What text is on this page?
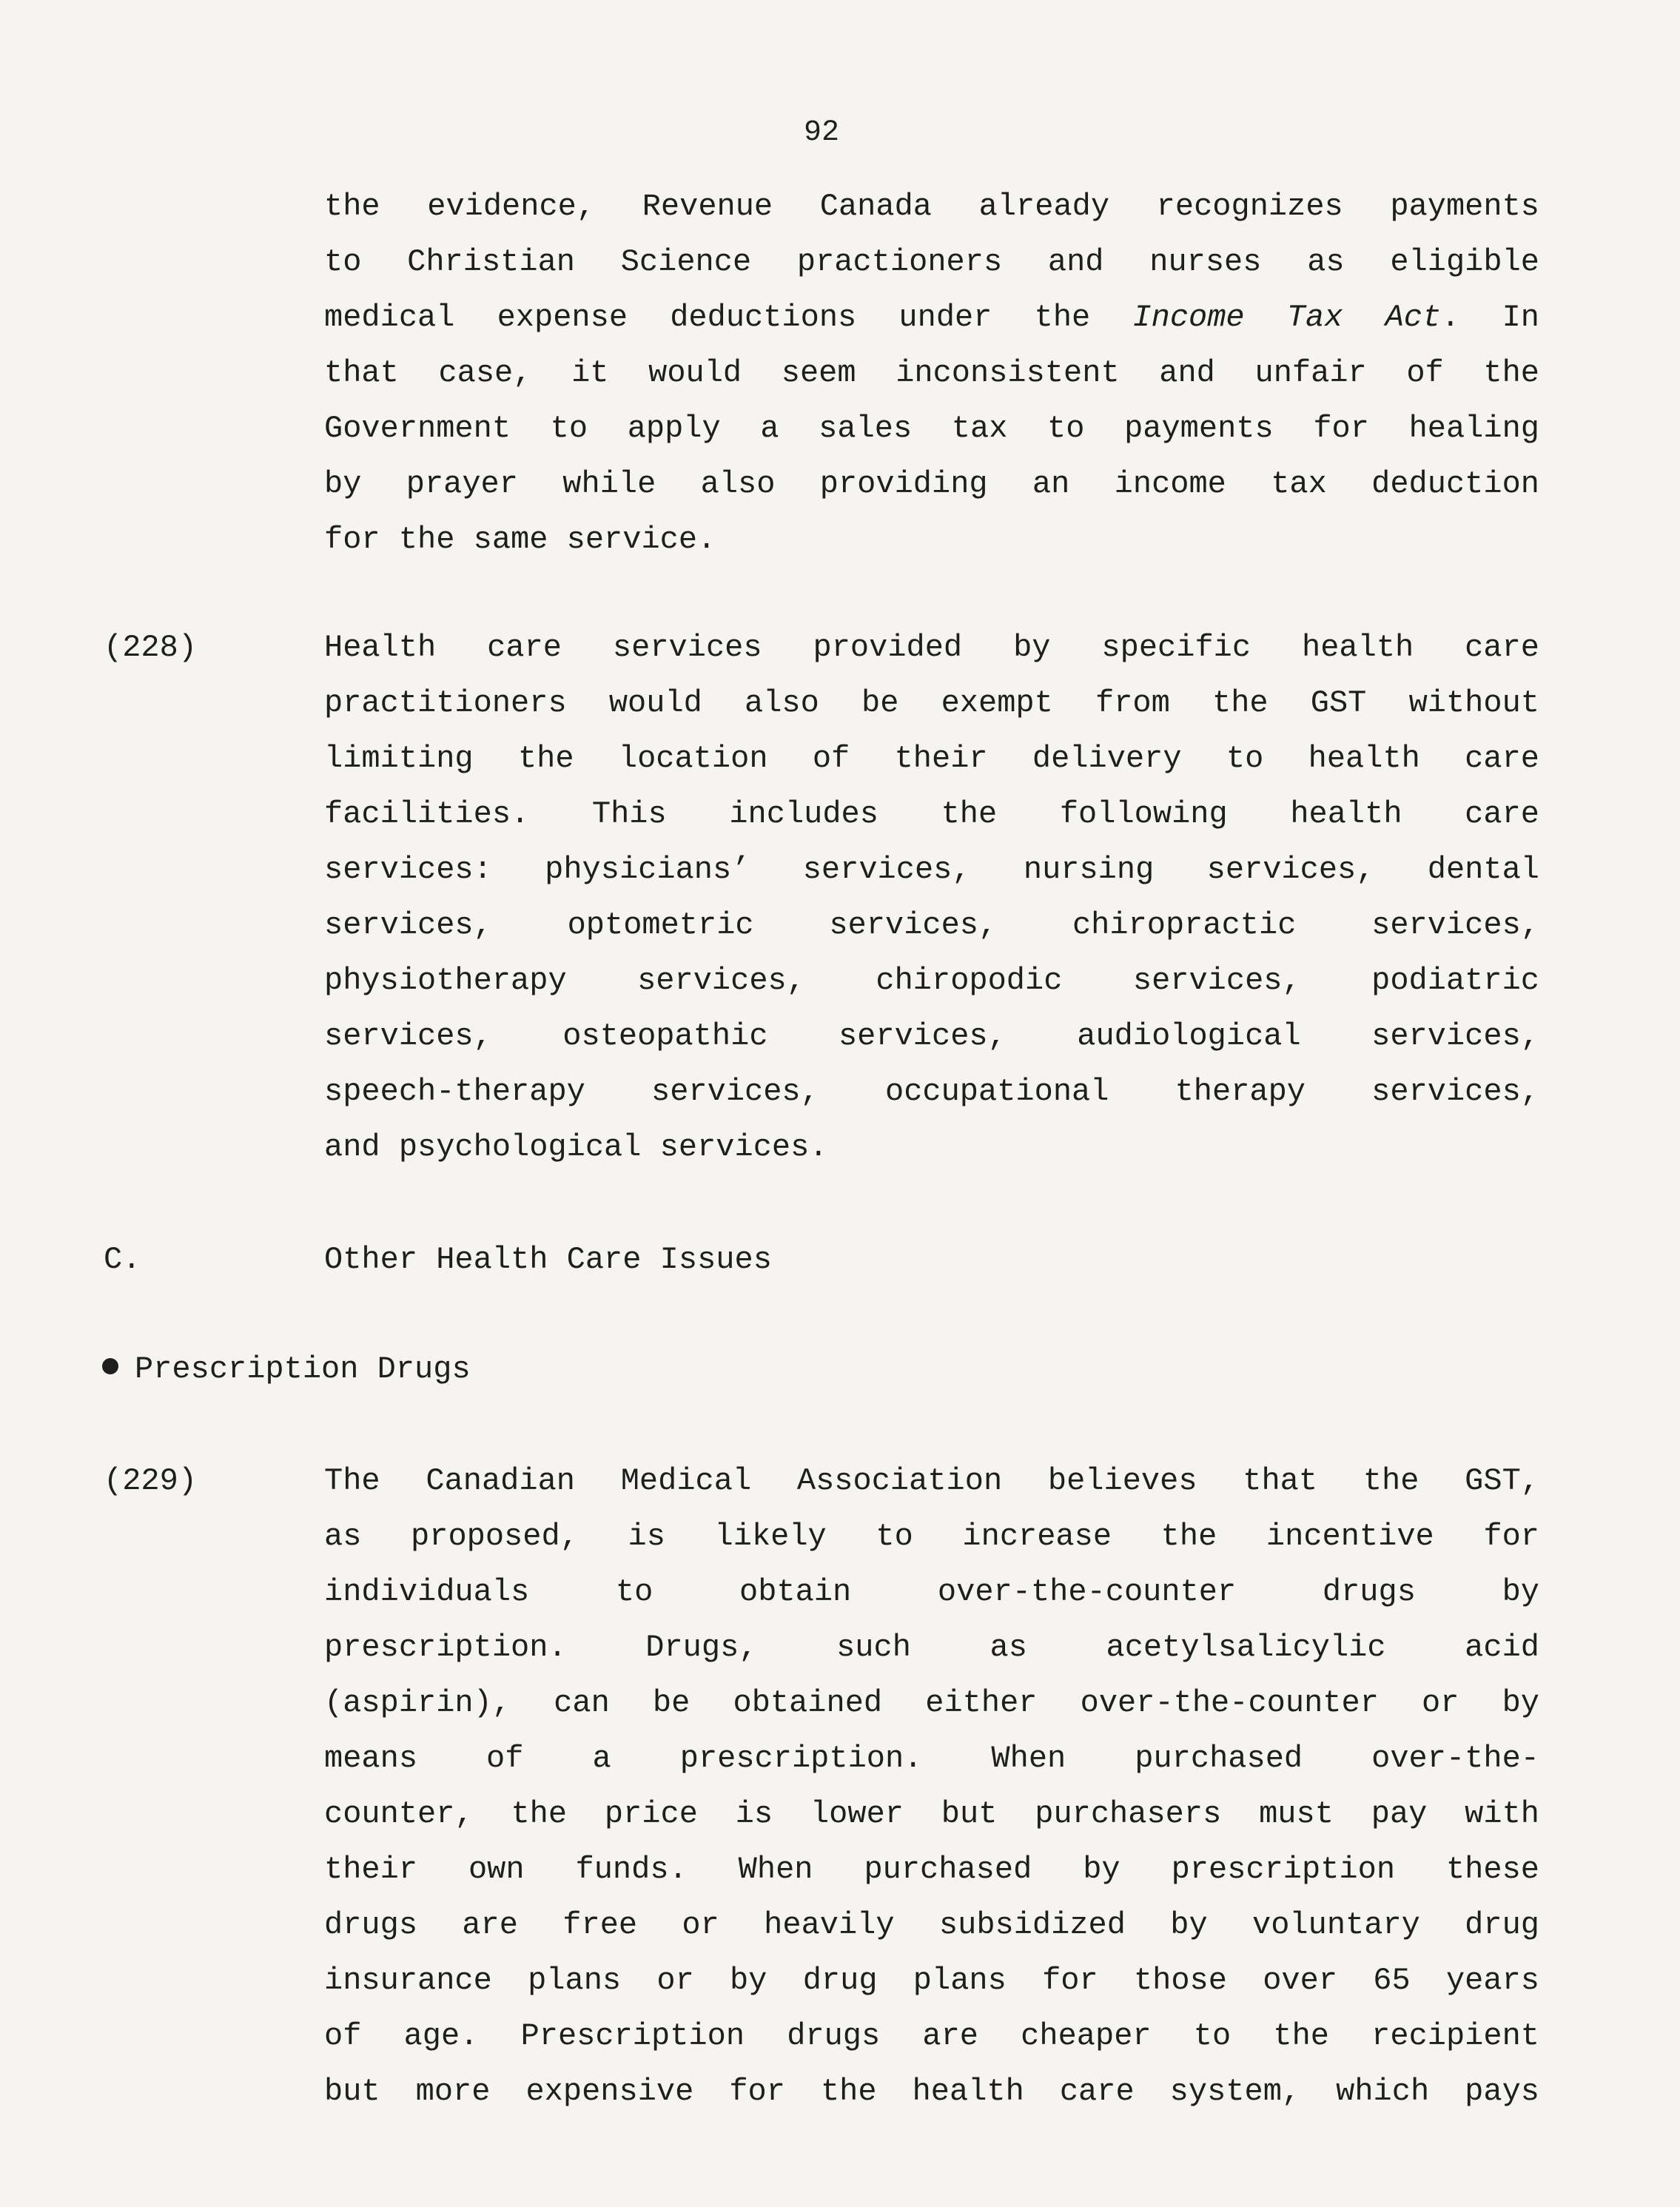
92
the evidence, Revenue Canada already recognizes payments
to Christian Science practioners and nurses as eligible
medical expense deductions under the Income Tax Act. In
that case, it would seem inconsistent and unfair of the
Government to apply a sales tax to payments for healing
by prayer while also providing an income tax deduction
for the same service.
(228)	Health care services provided by specific health care
practitioners would also be exempt from the GST without
limiting the location of their delivery to health care
facilities. This includes the following health care
services: physicians’ services, nursing services, dental
services, optometric services, chiropractic services,
physiotherapy services, chiropodic services, podiatric
services, osteopathic services, audiological services,
speech-therapy services, occupational therapy services,
and psychological services.
C.	Other Health Care Issues
Prescription Drugs
(229)	The Canadian Medical Association believes that the GST,
as proposed, is likely to increase the incentive for
individuals to obtain over-the-counter drugs by
prescription. Drugs, such as acetylsalicylic acid
(aspirin), can be obtained either over-the-counter or by
means of a prescription. When purchased over-the-
counter, the price is lower but purchasers must pay with
their own funds. When purchased by prescription these
drugs are free or heavily subsidized by voluntary drug
insurance plans or by drug plans for those over 65 years
of age. Prescription drugs are cheaper to the recipient
but more expensive for the health care system, which pays
